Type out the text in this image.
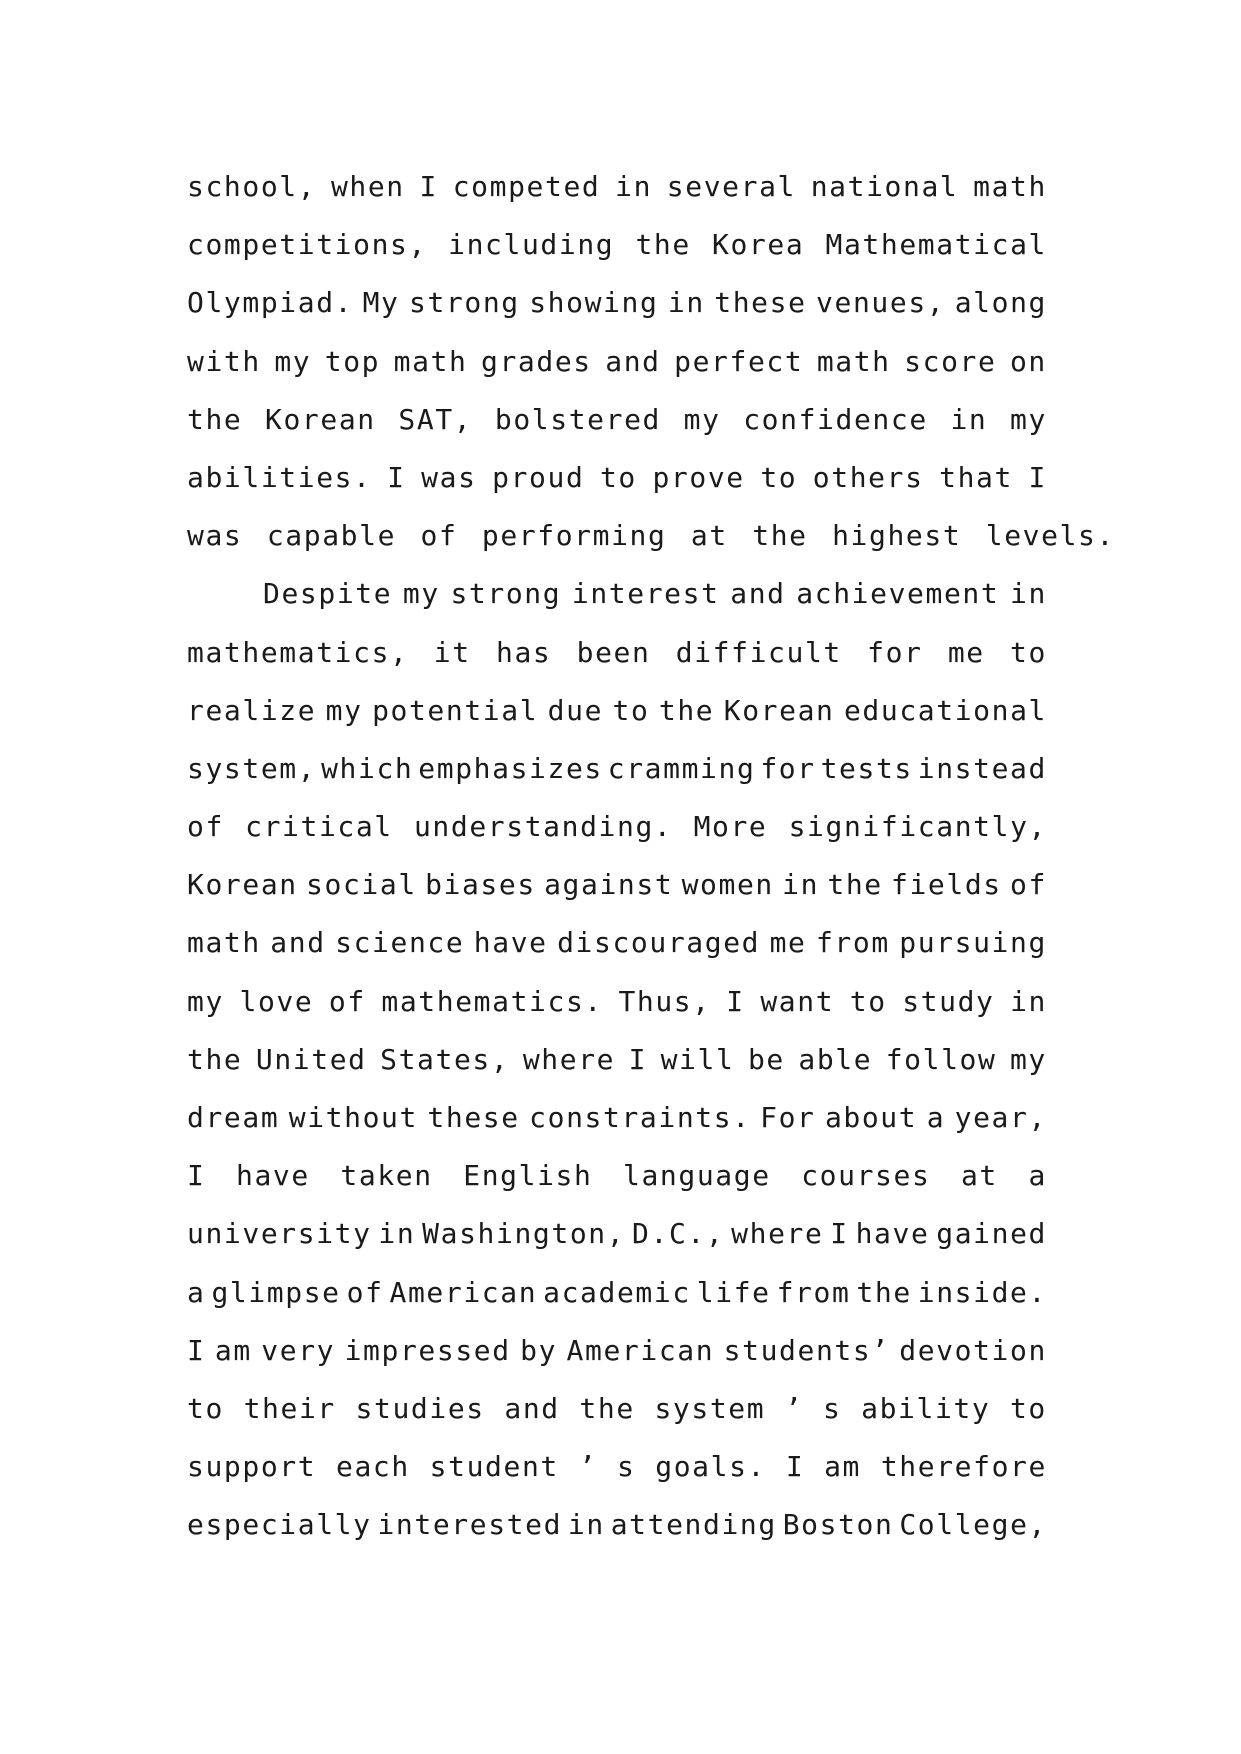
school, when I competed in several national math
competitions, including the Korea Mathematical
Olympiad. My strong showing in these venues, along
with my top math grades and perfect math score on
the Korean SAT, bolstered my confidence in my
abilities. I was proud to prove to others that I
was capable of performing at the highest levels.
Despite my strong interest and achievement in
mathematics, it has been difficult for me to
realize my potential due to the Korean educational
system, which emphasizes cramming for tests instead
of critical understanding. More significantly,
Korean social biases against women in the fields of
math and science have discouraged me from pursuing
my love of mathematics. Thus, I want to study in
the United States, where I will be able follow my
dream without these constraints. For about a year,
I have taken English language courses at a
university in Washington, D.C., where I have gained
a glimpse of American academic life from the inside.
I am very impressed by American students’ devotion
to their studies and the system ’ s ability to
support each student ’ s goals. I am therefore
especially interested in attending Boston College,
